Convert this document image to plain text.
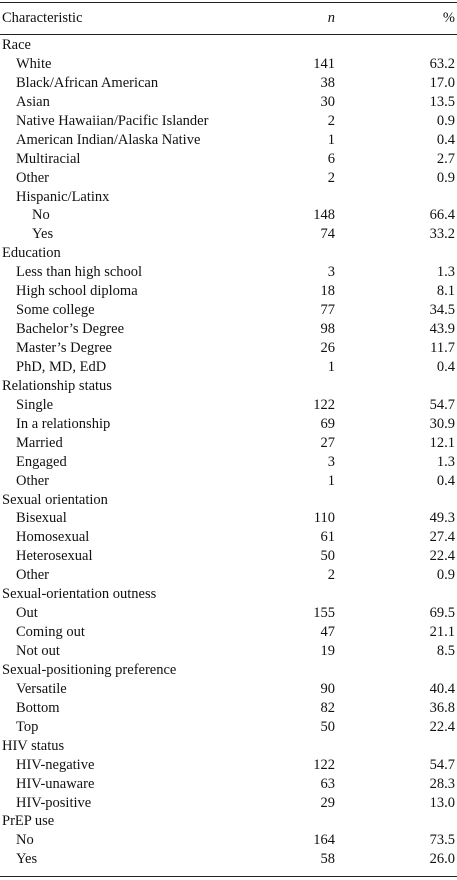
Characteristic	n	%
Race
White	141	63.2
Black/African American	38	17.0
Asian	30	13.5
Native Hawaiian/Pacific Islander	2	0.9
American Indian/Alaska Native	1	0.4
Multiracial	6	2.7
Other	2	0.9
Hispanic/Latinx
No	148	66.4
Yes	74	33.2
Education
Less than high school	3	1.3
High school diploma	18	8.1
Some college	77	34.5
Bachelor’s Degree	98	43.9
Master’s Degree	26	11.7
PhD, MD, EdD	1	0.4
Relationship status
Single	122	54.7
In a relationship	69	30.9
Married	27	12.1
Engaged	3	1.3
Other	1	0.4
Sexual orientation
Bisexual	110	49.3
Homosexual	61	27.4
Heterosexual	50	22.4
Other	2	0.9
Sexual-orientation outness
Out	155	69.5
Coming out	47	21.1
Not out	19	8.5
Sexual-positioning preference
Versatile	90	40.4
Bottom	82	36.8
Top	50	22.4
HIV status
HIV-negative	122	54.7
HIV-unaware	63	28.3
HIV-positive	29	13.0
PrEP use
No	164	73.5
Yes	58	26.0
